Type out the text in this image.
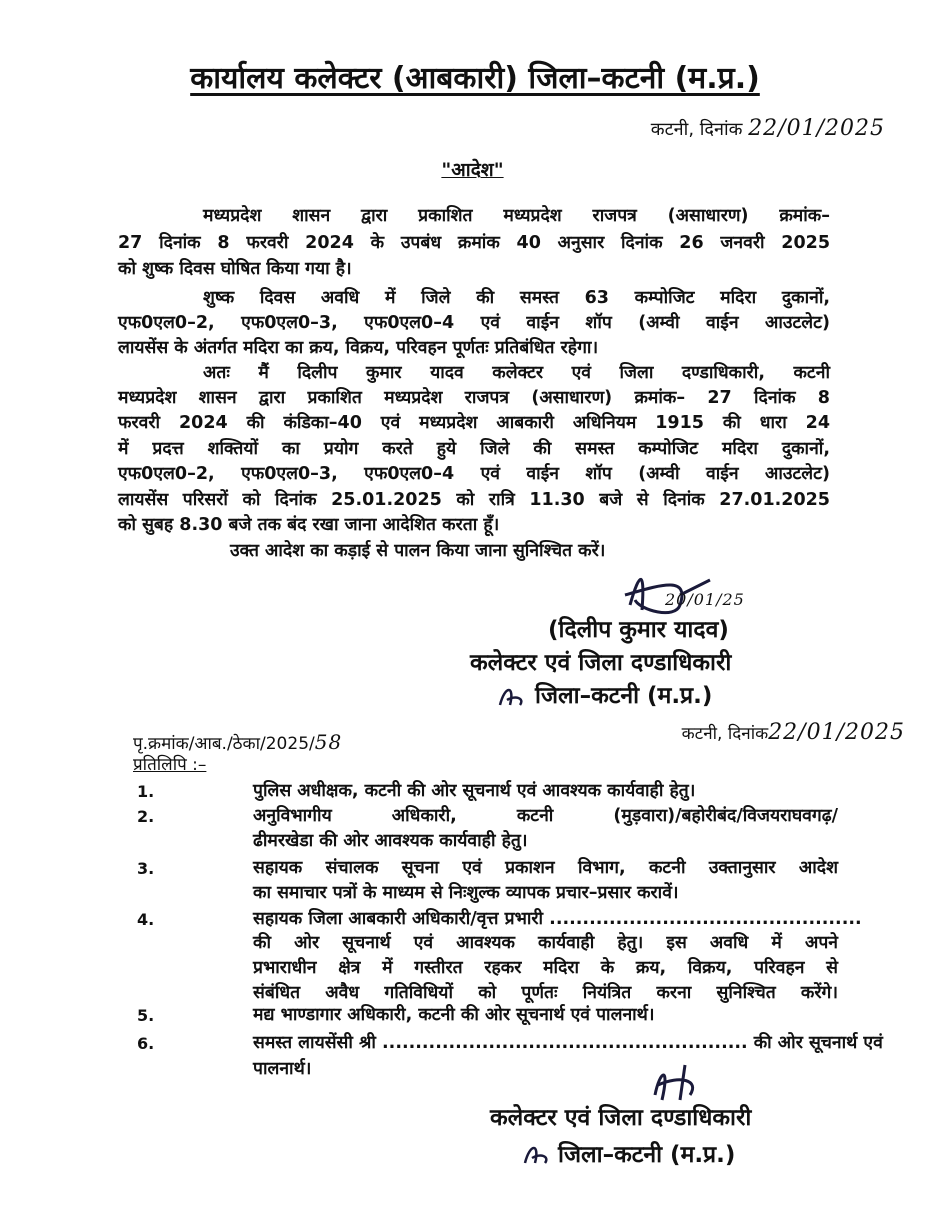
कार्यालय कलेक्टर (आबकारी) जिला–कटनी (म.प्र.)
कटनी, दिनांक 22/01/2025
"आदेश"
मध्यप्रदेश शासन द्वारा प्रकाशित मध्यप्रदेश राजपत्र (असाधारण) क्रमांक–
27 दिनांक 8 फरवरी 2024 के उपबंध क्रमांक 40 अनुसार दिनांक 26 जनवरी 2025
को शुष्क दिवस घोषित किया गया है।
शुष्क दिवस अवधि में जिले की समस्त 63 कम्पोजिट मदिरा दुकानों,
एफ0एल0–2, एफ0एल0–3, एफ0एल0–4 एवं वाईन शॉप (अम्वी वाईन आउटलेट)
लायसेंस के अंतर्गत मदिरा का क्रय, विक्रय, परिवहन पूर्णतः प्रतिबंधित रहेगा।
अतः मैं दिलीप कुमार यादव कलेक्टर एवं जिला दण्डाधिकारी, कटनी
मध्यप्रदेश शासन द्वारा प्रकाशित मध्यप्रदेश राजपत्र (असाधारण) क्रमांक– 27 दिनांक 8
फरवरी 2024 की कंडिका–40 एवं मध्यप्रदेश आबकारी अधिनियम 1915 की धारा 24
में प्रदत्त शक्तियों का प्रयोग करते हुये जिले की समस्त कम्पोजिट मदिरा दुकानों,
एफ0एल0–2, एफ0एल0–3, एफ0एल0–4 एवं वाईन शॉप (अम्वी वाईन आउटलेट)
लायसेंस परिसरों को दिनांक 25.01.2025 को रात्रि 11.30 बजे से दिनांक 27.01.2025
को सुबह 8.30 बजे तक बंद रखा जाना आदेशित करता हूँ।
उक्त आदेश का कड़ाई से पालन किया जाना सुनिश्चित करें।
20/01/25
(दिलीप कुमार यादव)
कलेक्टर एवं जिला दण्डाधिकारी
जिला–कटनी (म.प्र.)
कटनी, दिनांक22/01/2025
पृ.क्रमांक/आब./ठेका/2025/58
प्रतिलिपि :–
1.	पुलिस अधीक्षक, कटनी की ओर सूचनार्थ एवं आवश्यक कार्यवाही हेतु।
2.	अनुविभागीय अधिकारी, कटनी (मुड़वारा)/बहोरीबंद/विजयराघवगढ़/
ढीमरखेडा की ओर आवश्यक कार्यवाही हेतु।
3.	सहायक संचालक सूचना एवं प्रकाशन विभाग, कटनी उक्तानुसार आदेश
का समाचार पत्रों के माध्यम से निःशुल्क व्यापक प्रचार–प्रसार करावें।
4.	सहायक जिला आबकारी अधिकारी/वृत्त प्रभारी ...............................................
की ओर सूचनार्थ एवं आवश्यक कार्यवाही हेतु। इस अवधि में अपने
प्रभाराधीन क्षेत्र में गस्तीरत रहकर मदिरा के क्रय, विक्रय, परिवहन से
संबंधित अवैध गतिविधियों को पूर्णतः नियंत्रित करना सुनिश्चित करेंगे।
5.	मद्य भाण्डागार अधिकारी, कटनी की ओर सूचनार्थ एवं पालनार्थ।
6.	समस्त लायसेंसी श्री ....................................................... की ओर सूचनार्थ एवं
पालनार्थ।
कलेक्टर एवं जिला दण्डाधिकारी
जिला–कटनी (म.प्र.)
